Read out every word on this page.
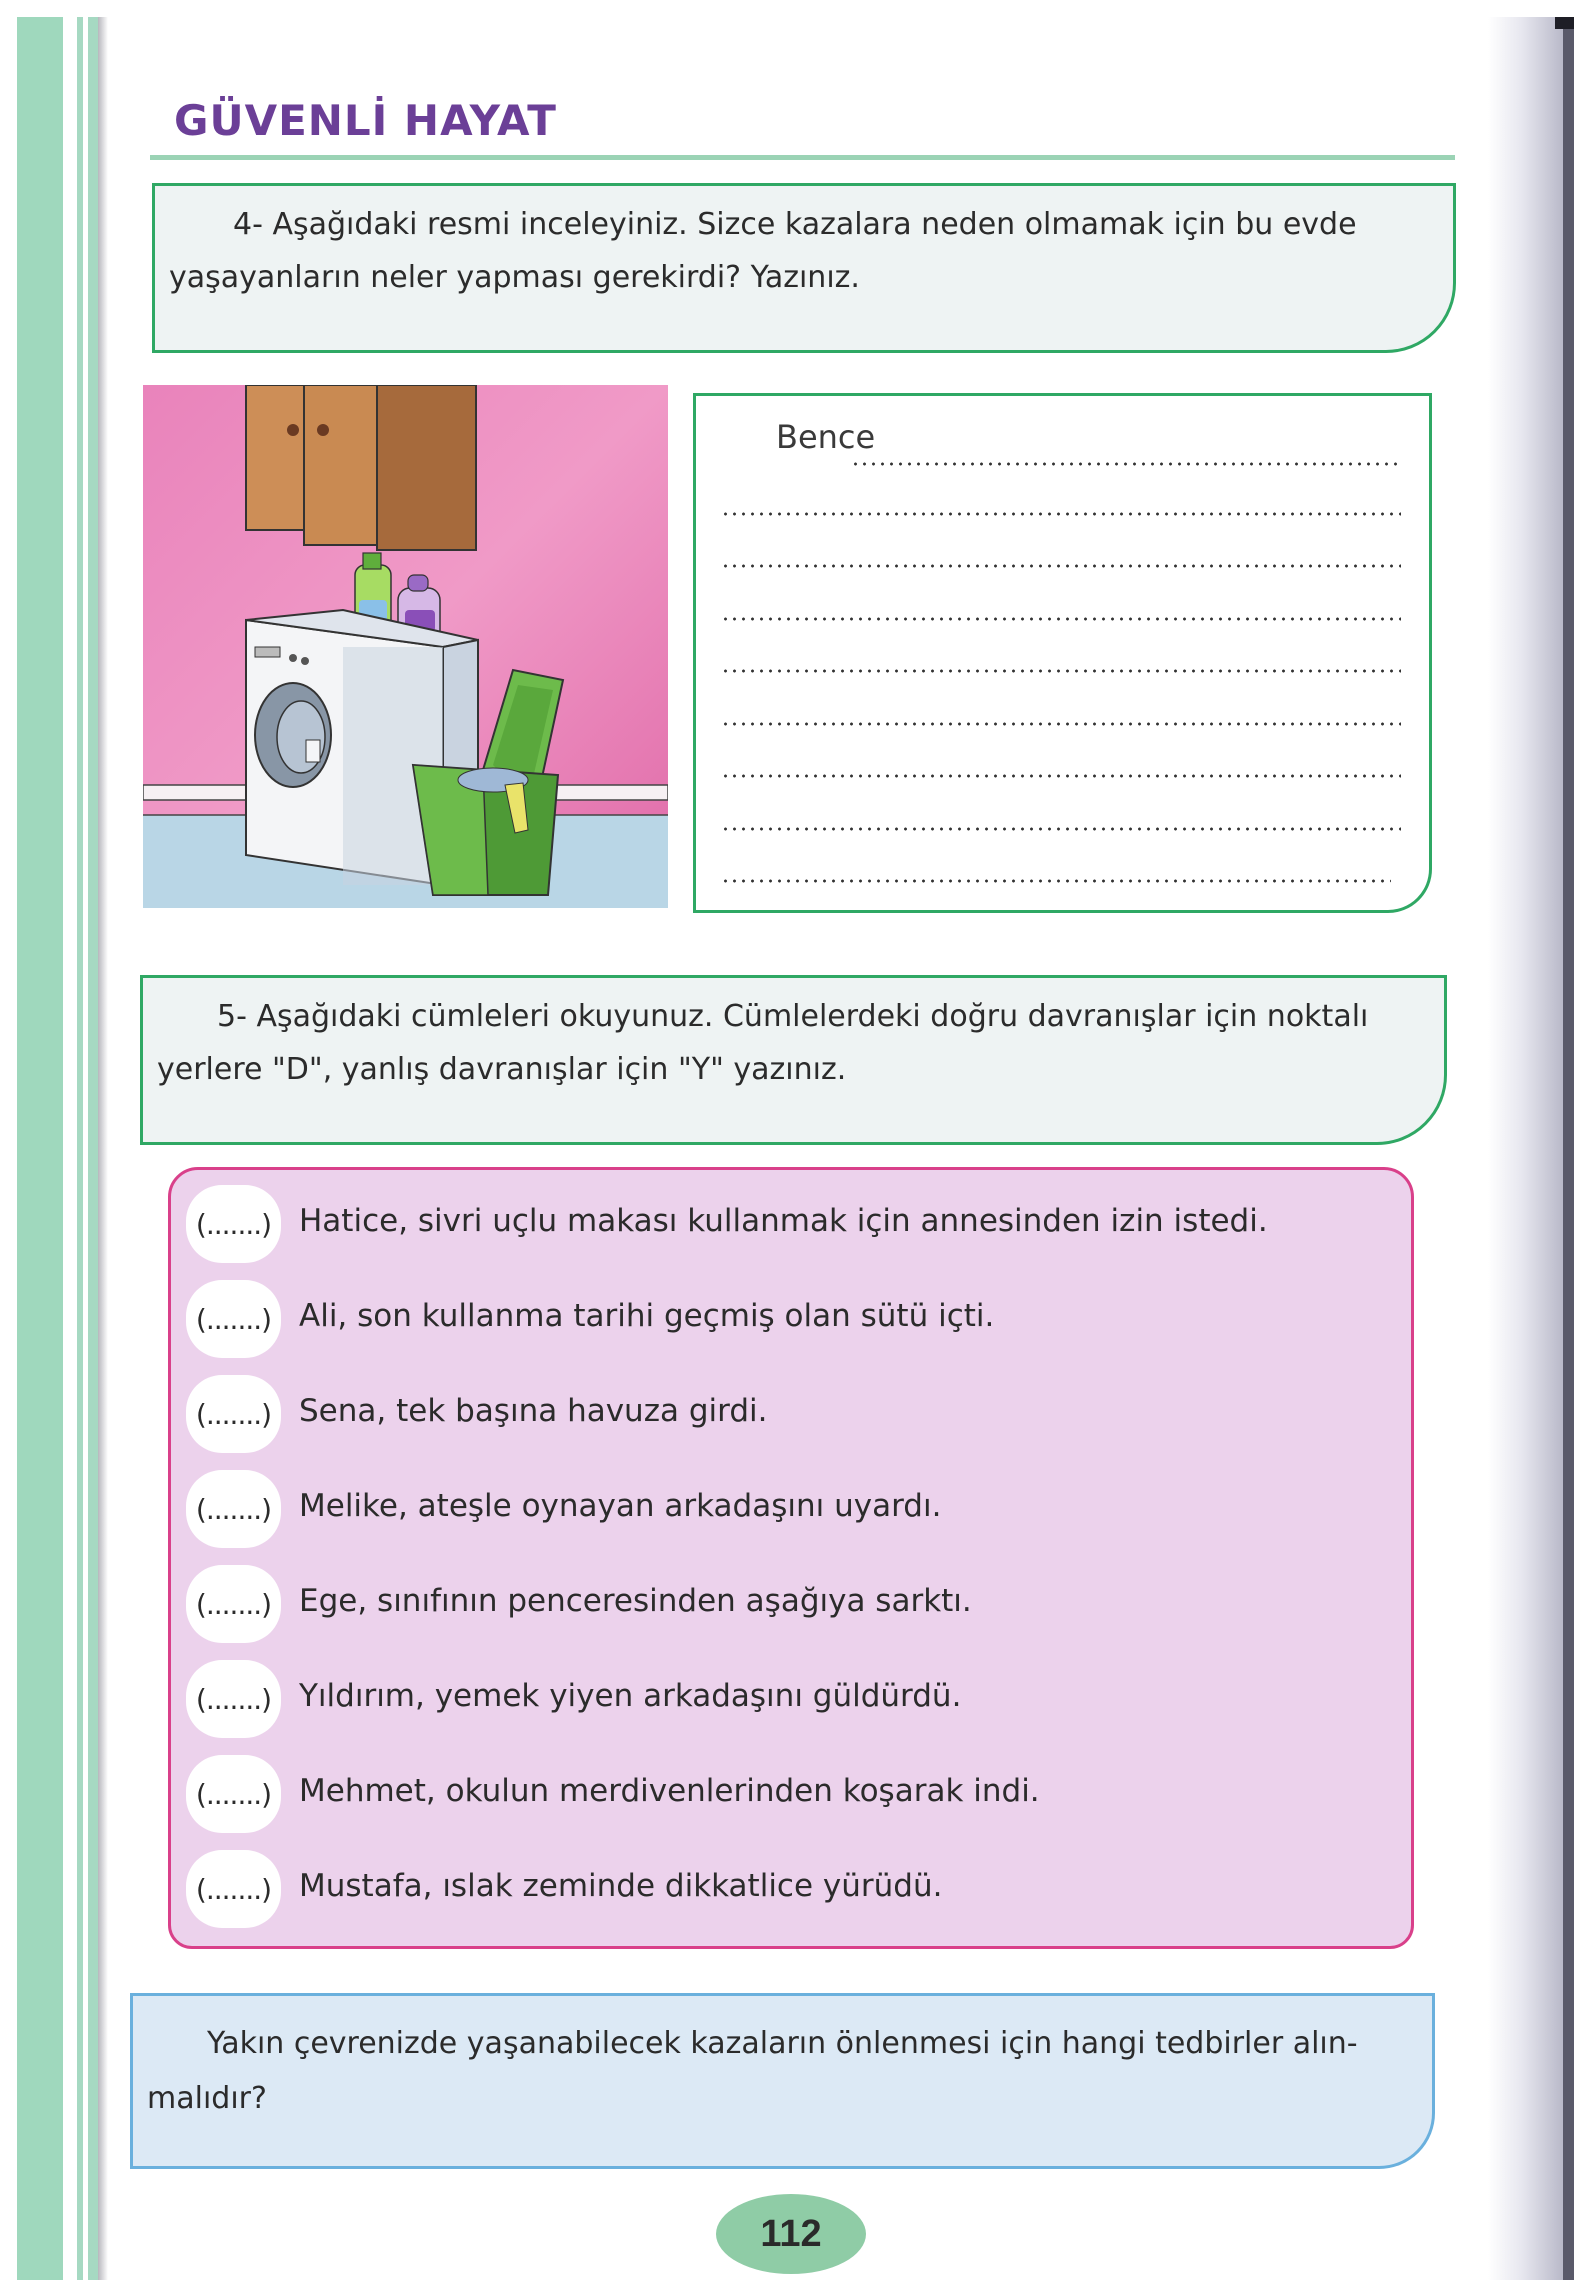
GÜVENLİ HAYAT
4- Aşağıdaki resmi inceleyiniz. Sizce kazalara neden olmamak için bu evde
yaşayanların neler yapması gerekirdi? Yazınız.
Bence
5- Aşağıdaki cümleleri okuyunuz. Cümlelerdeki doğru davranışlar için noktalı
yerlere "D", yanlış davranışlar için "Y" yazınız.
(.......) Hatice, sivri uçlu makası kullanmak için annesinden izin istedi.
(.......) Ali, son kullanma tarihi geçmiş olan sütü içti.
(.......) Sena, tek başına havuza girdi.
(.......) Melike, ateşle oynayan arkadaşını uyardı.
(.......) Ege, sınıfının penceresinden aşağıya sarktı.
(.......) Yıldırım, yemek yiyen arkadaşını güldürdü.
(.......) Mehmet, okulun merdivenlerinden koşarak indi.
(.......) Mustafa, ıslak zeminde dikkatlice yürüdü.
Yakın çevrenizde yaşanabilecek kazaların önlenmesi için hangi tedbirler alın-
malıdır?
112
